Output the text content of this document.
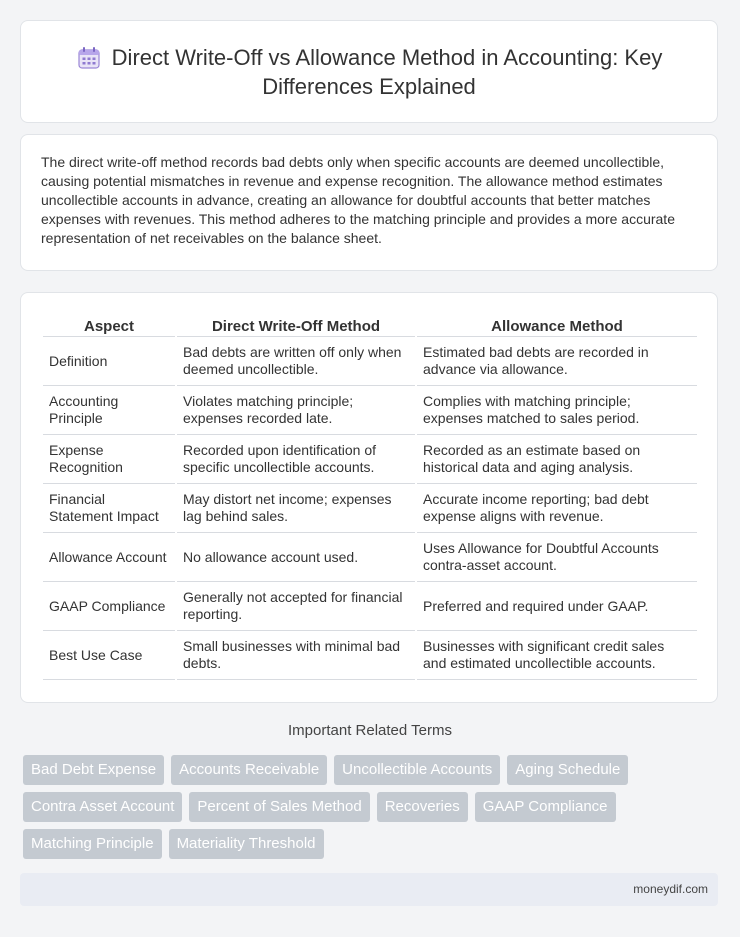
Direct Write-Off vs Allowance Method in Accounting: Key Differences Explained

The direct write-off method records bad debts only when specific accounts are deemed uncollectible, causing potential mismatches in revenue and expense recognition. The allowance method estimates uncollectible accounts in advance, creating an allowance for doubtful accounts that better matches expenses with revenues. This method adheres to the matching principle and provides a more accurate representation of net receivables on the balance sheet.

Aspect	Direct Write-Off Method	Allowance Method
Definition	Bad debts are written off only when deemed uncollectible.	Estimated bad debts are recorded in advance via allowance.
Accounting Principle	Violates matching principle; expenses recorded late.	Complies with matching principle; expenses matched to sales period.
Expense Recognition	Recorded upon identification of specific uncollectible accounts.	Recorded as an estimate based on historical data and aging analysis.
Financial Statement Impact	May distort net income; expenses lag behind sales.	Accurate income reporting; bad debt expense aligns with revenue.
Allowance Account	No allowance account used.	Uses Allowance for Doubtful Accounts contra-asset account.
GAAP Compliance	Generally not accepted for financial reporting.	Preferred and required under GAAP.
Best Use Case	Small businesses with minimal bad debts.	Businesses with significant credit sales and estimated uncollectible accounts.
Important Related Terms
Bad Debt Expense	Accounts Receivable	Uncollectible Accounts	Aging Schedule
Contra Asset Account	Percent of Sales Method	Recoveries	GAAP Compliance
Matching Principle	Materiality Threshold
moneydif.com
